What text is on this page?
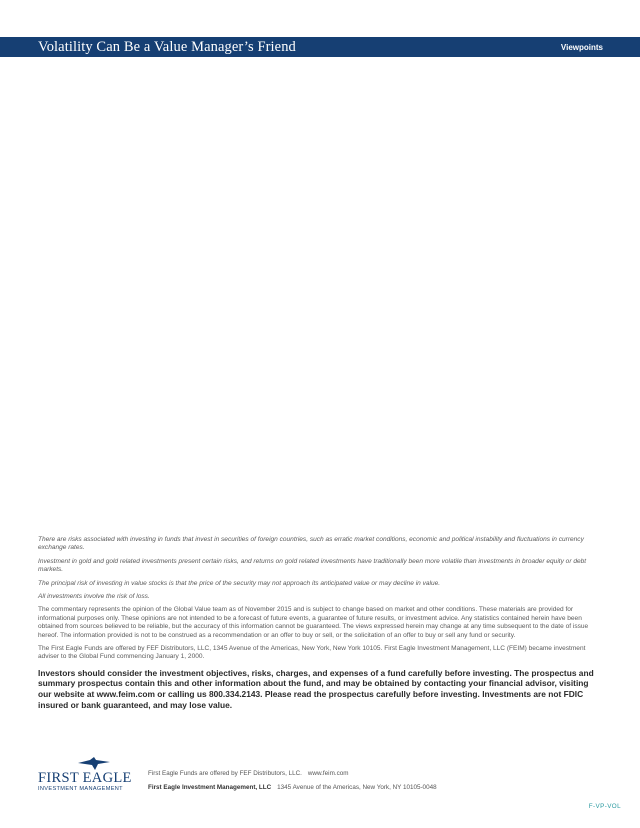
Volatility Can Be a Value Manager’s Friend	Viewpoints

There are risks associated with investing in funds that invest in securities of foreign countries, such as erratic market conditions, economic and political instability and fluctuations in currency exchange rates.

Investment in gold and gold related investments present certain risks, and returns on gold related investments have traditionally been more volatile than investments in broader equity or debt markets.

The principal risk of investing in value stocks is that the price of the security may not approach its anticipated value or may decline in value.

All investments involve the risk of loss.

The commentary represents the opinion of the Global Value team as of November 2015 and is subject to change based on market and other conditions. These materials are provided for informational purposes only. These opinions are not intended to be a forecast of future events, a guarantee of future results, or investment advice. Any statistics contained herein have been obtained from sources believed to be reliable, but the accuracy of this information cannot be guaranteed. The views expressed herein may change at any time subsequent to the date of issue hereof. The information provided is not to be construed as a recommendation or an offer to buy or sell, or the solicitation of an offer to buy or sell any fund or security.

The First Eagle Funds are offered by FEF Distributors, LLC, 1345 Avenue of the Americas, New York, New York 10105. First Eagle Investment Management, LLC (FEIM) became investment adviser to the Global Fund commencing January 1, 2000.

Investors should consider the investment objectives, risks, charges, and expenses of a fund carefully before investing. The prospectus and summary prospectus contain this and other information about the fund, and may be obtained by contacting your financial advisor, visiting our website at www.feim.com or calling us 800.334.2143. Please read the prospectus carefully before investing. Investments are not FDIC insured or bank guaranteed, and may lose value.

FIRST EAGLE
INVESTMENT MANAGEMENT
First Eagle Funds are offered by FEF Distributors, LLC. www.feim.com
First Eagle Investment Management, LLC 1345 Avenue of the Americas, New York, NY 10105-0048
F-VP-VOL
